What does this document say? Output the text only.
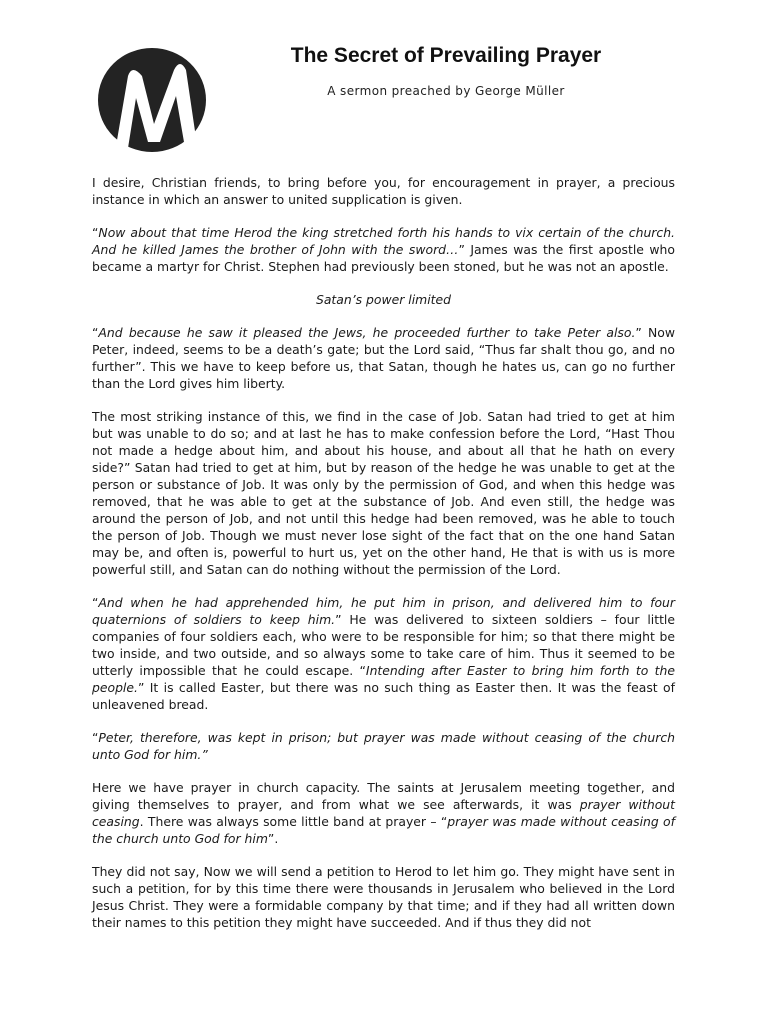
The Secret of Prevailing Prayer
A sermon preached by George Müller

I desire, Christian friends, to bring before you, for encouragement in prayer, a precious instance in which an answer to united supplication is given.

“Now about that time Herod the king stretched forth his hands to vix certain of the church. And he killed James the brother of John with the sword…” James was the first apostle who became a martyr for Christ. Stephen had previously been stoned, but he was not an apostle.

Satan’s power limited

“And because he saw it pleased the Jews, he proceeded further to take Peter also.” Now Peter, indeed, seems to be a death’s gate; but the Lord said, “Thus far shalt thou go, and no further”. This we have to keep before us, that Satan, though he hates us, can go no further than the Lord gives him liberty.

The most striking instance of this, we find in the case of Job. Satan had tried to get at him but was unable to do so; and at last he has to make confession before the Lord, “Hast Thou not made a hedge about him, and about his house, and about all that he hath on every side?” Satan had tried to get at him, but by reason of the hedge he was unable to get at the person or substance of Job. It was only by the permission of God, and when this hedge was removed, that he was able to get at the substance of Job. And even still, the hedge was around the person of Job, and not until this hedge had been removed, was he able to touch the person of Job. Though we must never lose sight of the fact that on the one hand Satan may be, and often is, powerful to hurt us, yet on the other hand, He that is with us is more powerful still, and Satan can do nothing without the permission of the Lord.

“And when he had apprehended him, he put him in prison, and delivered him to four quaternions of soldiers to keep him.” He was delivered to sixteen soldiers – four little companies of four soldiers each, who were to be responsible for him; so that there might be two inside, and two outside, and so always some to take care of him. Thus it seemed to be utterly impossible that he could escape. “Intending after Easter to bring him forth to the people.” It is called Easter, but there was no such thing as Easter then. It was the feast of unleavened bread.

“Peter, therefore, was kept in prison; but prayer was made without ceasing of the church unto God for him.”

Here we have prayer in church capacity. The saints at Jerusalem meeting together, and giving themselves to prayer, and from what we see afterwards, it was prayer without ceasing. There was always some little band at prayer – “prayer was made without ceasing of the church unto God for him”.

They did not say, Now we will send a petition to Herod to let him go. They might have sent in such a petition, for by this time there were thousands in Jerusalem who believed in the Lord Jesus Christ. They were a formidable company by that time; and if they had all written down their names to this petition they might have succeeded. And if thus they did not
